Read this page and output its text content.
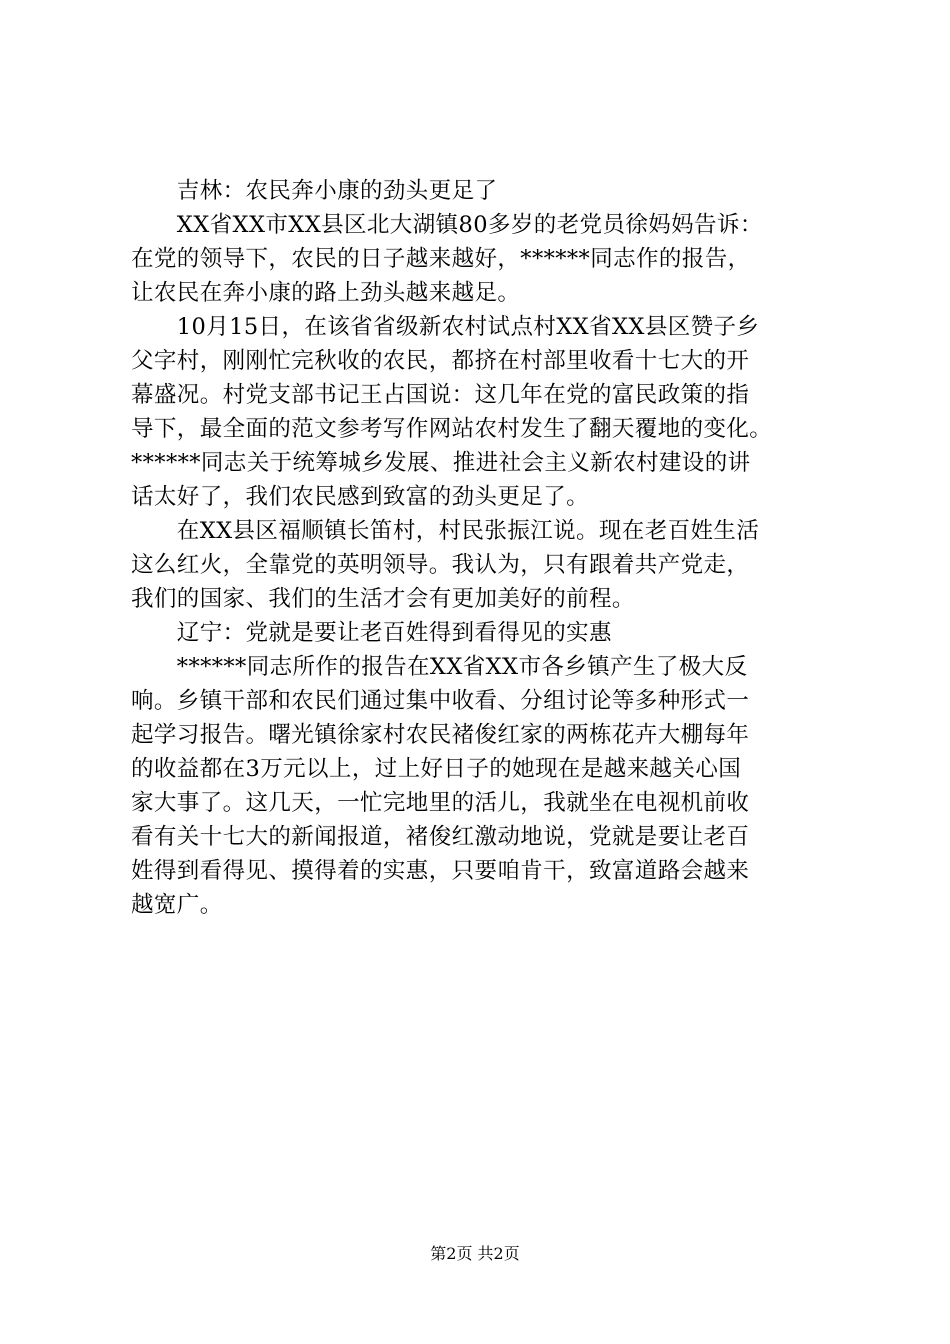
　　吉林：农民奔小康的劲头更足了
　　XX省XX市XX县区北大湖镇80多岁的老党员徐妈妈告诉：
在党的领导下，农民的日子越来越好，******同志作的报告，
让农民在奔小康的路上劲头越来越足。
　　10月15日，在该省省级新农村试点村XX省XX县区赞子乡
父字村，刚刚忙完秋收的农民，都挤在村部里收看十七大的开
幕盛况。村党支部书记王占国说：这几年在党的富民政策的指
导下，最全面的范文参考写作网站农村发生了翻天覆地的变化。
******同志关于统筹城乡发展、推进社会主义新农村建设的讲
话太好了，我们农民感到致富的劲头更足了。
　　在XX县区福顺镇长笛村，村民张振江说。现在老百姓生活
这么红火，全靠党的英明领导。我认为，只有跟着共产党走，
我们的国家、我们的生活才会有更加美好的前程。
　　辽宁：党就是要让老百姓得到看得见的实惠
　　******同志所作的报告在XX省XX市各乡镇产生了极大反
响。乡镇干部和农民们通过集中收看、分组讨论等多种形式一
起学习报告。曙光镇徐家村农民褚俊红家的两栋花卉大棚每年
的收益都在3万元以上，过上好日子的她现在是越来越关心国
家大事了。这几天，一忙完地里的活儿，我就坐在电视机前收
看有关十七大的新闻报道，褚俊红激动地说，党就是要让老百
姓得到看得见、摸得着的实惠，只要咱肯干，致富道路会越来
越宽广。
第2页 共2页
